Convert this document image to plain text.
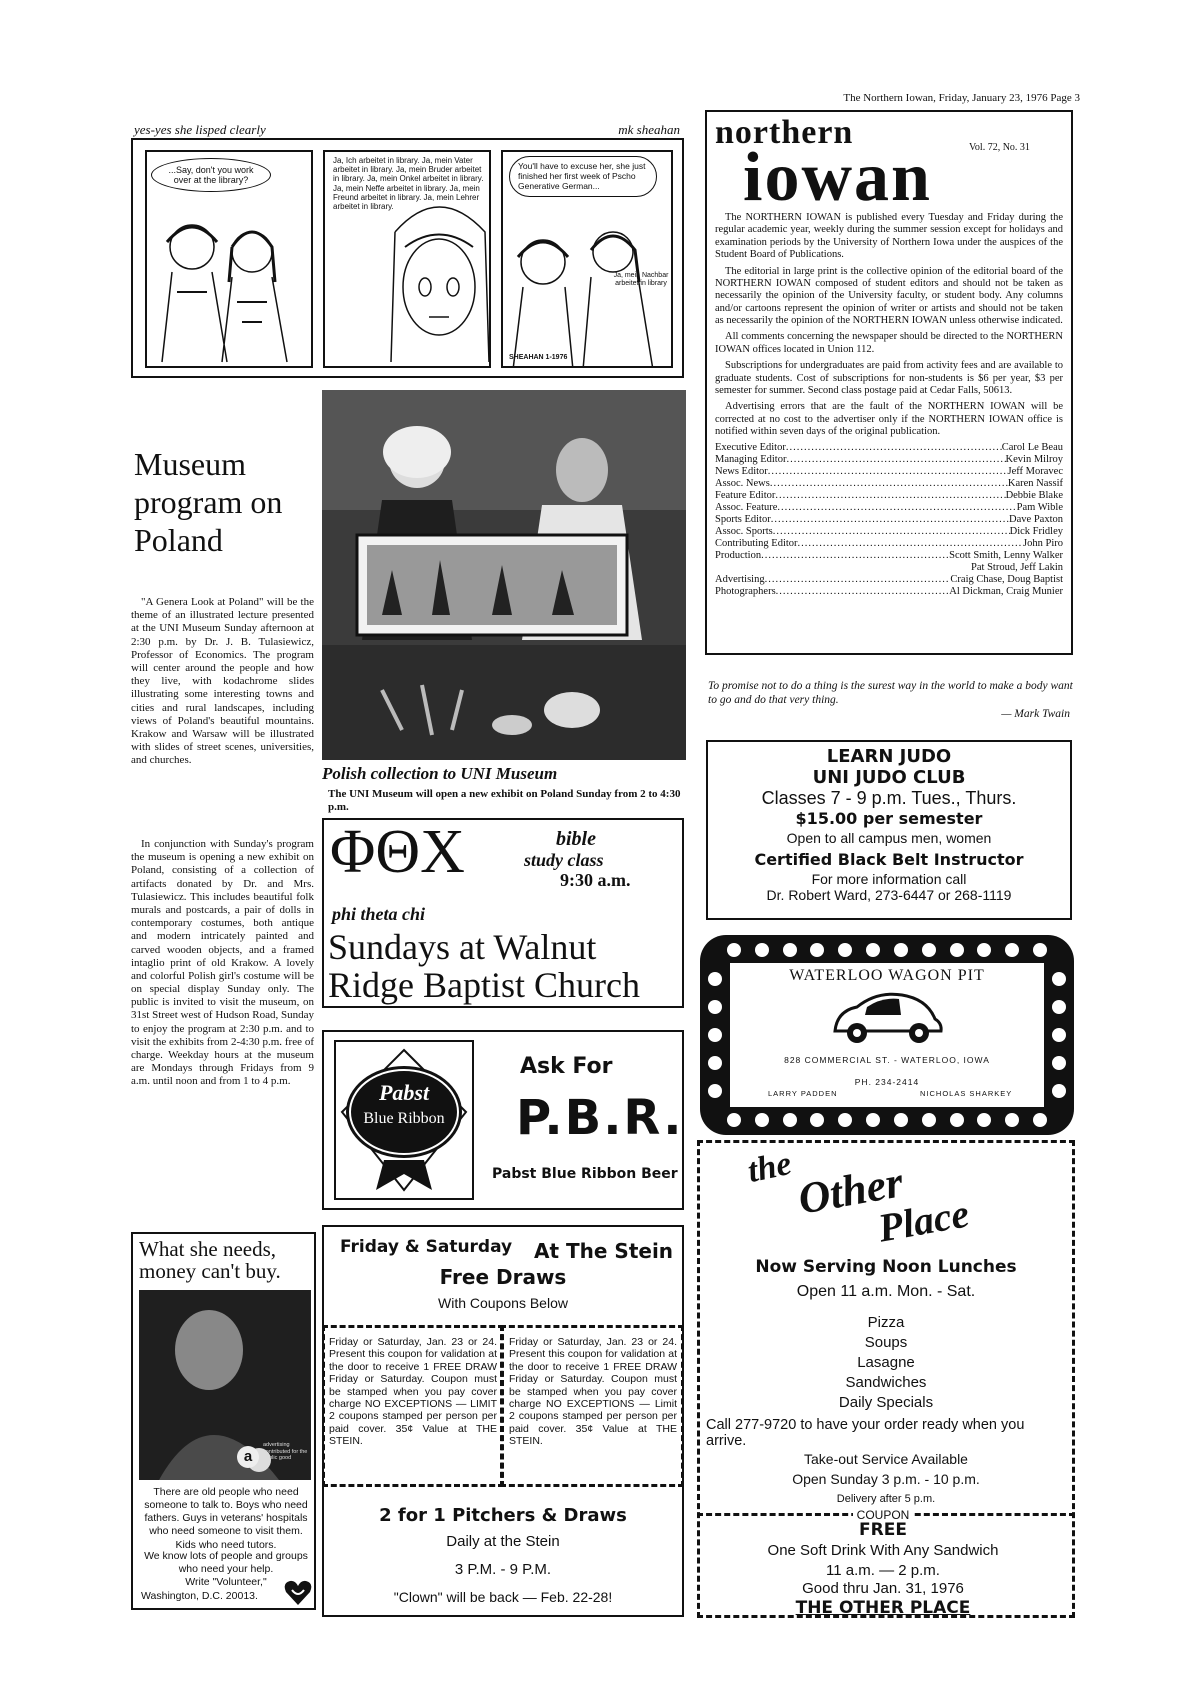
The Northern Iowan, Friday, January 23, 1976 Page 3
yes-yes she lisped clearly	mk sheahan
...Say, don't you work over at the library?
Ja, Ich arbeitet in library. Ja, mein Vater arbeitet in library. Ja, mein Bruder arbeitet in library. Ja, mein Onkel arbeitet in library. Ja, mein Neffe arbeitet in library. Ja, mein Freund arbeitet in library. Ja, mein Lehrer arbeitet in library.
You'll have to excuse her, she just finished her first week of Pscho Generative German...
Ja, mein Nachbar arbeitet in library
SHEAHAN 1-1976
northern	Vol. 72, No. 31
iowan

The NORTHERN IOWAN is published every Tuesday and Friday during the regular academic year, weekly during the summer session except for holidays and examination periods by the University of Northern Iowa under the auspices of the Student Board of Publications.

The editorial in large print is the collective opinion of the editorial board of the NORTHERN IOWAN composed of student editors and should not be taken as necessarily the opinion of the University faculty, or student body. Any columns and/or cartoons represent the opinion of writer or artists and should not be taken as necessarily the opinion of the NORTHERN IOWAN unless otherwise indicated.

All comments concerning the newspaper should be directed to the NORTHERN IOWAN offices located in Union 112.

Subscriptions for undergraduates are paid from activity fees and are available to graduate students. Cost of subscriptions for non-students is $6 per year, $3 per semester for summer. Second class postage paid at Cedar Falls, 50613.

Advertising errors that are the fault of the NORTHERN IOWAN will be corrected at no cost to the advertiser only if the NORTHERN IOWAN office is notified within seven days of the original publication.

Executive Editor .....	Carol Le Beau
Managing Editor .....	Kevin Milroy
News Editor .....	Jeff Moravec
Assoc. News .....	Karen Nassif
Feature Editor .....	Debbie Blake
Assoc. Feature .....	Pam Wible
Sports Editor .....	Dave Paxton
Assoc. Sports .....	Dick Fridley
Contributing Editor .....	John Piro
Production .....	Scott Smith, Lenny Walker
Pat Stroud, Jeff Lakin
Advertising .....	Craig Chase, Doug Baptist
Photographers .....	Al Dickman, Craig Munier
To promise not to do a thing is the surest way in the world to make a body want to go and do that very thing.
— Mark Twain
Museum program on Poland

"A Genera Look at Poland" will be the theme of an illustrated lecture presented at the UNI Museum Sunday afternoon at 2:30 p.m. by Dr. J. B. Tulasiewicz, Professor of Economics. The program will center around the people and how they live, with kodachrome slides illustrating some interesting towns and cities and rural landscapes, including views of Poland's beautiful mountains. Krakow and Warsaw will be illustrated with slides of street scenes, universities, and churches.

In conjunction with Sunday's program the museum is opening a new exhibit on Poland, consisting of a collection of artifacts donated by Dr. and Mrs. Tulasiewicz. This includes beautiful folk murals and postcards, a pair of dolls in contemporary costumes, both antique and modern intricately painted and carved wooden objects, and a framed intaglio print of old Krakow. A lovely and colorful Polish girl's costume will be on special display Sunday only. The public is invited to visit the museum, on 31st Street west of Hudson Road, Sunday to enjoy the program at 2:30 p.m. and to visit the exhibits from 2-4:30 p.m. free of charge. Weekday hours at the museum are Mondays through Fridays from 9 a.m. until noon and from 1 to 4 p.m.

Polish collection to UNI Museum
The UNI Museum will open a new exhibit on Poland Sunday from 2 to 4:30 p.m.
ΦΘΧ	bible
study class
9:30 a.m.
phi theta chi
Sundays at Walnut
Ridge Baptist Church
LEARN JUDO
UNI JUDO CLUB
Classes 7 - 9 p.m. Tues., Thurs.
$15.00 per semester
Open to all campus men, women
Certified Black Belt Instructor
For more information call
Dr. Robert Ward, 273-6447 or 268-1119
WATERLOO WAGON PIT
828 COMMERCIAL ST. - WATERLOO, IOWA
PH. 234-2414
LARRY PADDEN	NICHOLAS SHARKEY
Pabst
Blue Ribbon
Ask For
P.B.R.
Pabst Blue Ribbon Beer
What she needs,
money can't buy.
a
advertising contributed for the public good
There are old people who need someone to talk to. Boys who need fathers. Guys in veterans' hospitals who need someone to visit them. Kids who need tutors.
We know lots of people and groups who need your help.
Write "Volunteer,"
Washington, D.C. 20013.
Friday & Saturday At The Stein
Free Draws
With Coupons Below
Friday or Saturday, Jan. 23 or 24. Present this coupon for validation at the door to receive 1 FREE DRAW Friday or Saturday. Coupon must be stamped when you pay cover charge NO EXCEPTIONS — LIMIT 2 coupons stamped per person per paid cover. 35¢ Value at THE STEIN.
Friday or Saturday, Jan. 23 or 24. Present this coupon for validation at the door to receive 1 FREE DRAW Friday or Saturday. Coupon must be stamped when you pay cover charge NO EXCEPTIONS — Limit 2 coupons stamped per person per paid cover. 35¢ Value at THE STEIN.
2 for 1 Pitchers & Draws
Daily at the Stein
3 P.M. - 9 P.M.
"Clown" will be back — Feb. 22-28!
the Other
Place
Now Serving Noon Lunches
Open 11 a.m. Mon. - Sat.
Pizza
Soups
Lasagne
Sandwiches
Daily Specials
Call 277-9720 to have your order ready when you arrive.
Take-out Service Available
Open Sunday 3 p.m. - 10 p.m.
Delivery after 5 p.m.
COUPON
FREE
One Soft Drink With Any Sandwich
11 a.m. — 2 p.m.
Good thru Jan. 31, 1976
THE OTHER PLACE
